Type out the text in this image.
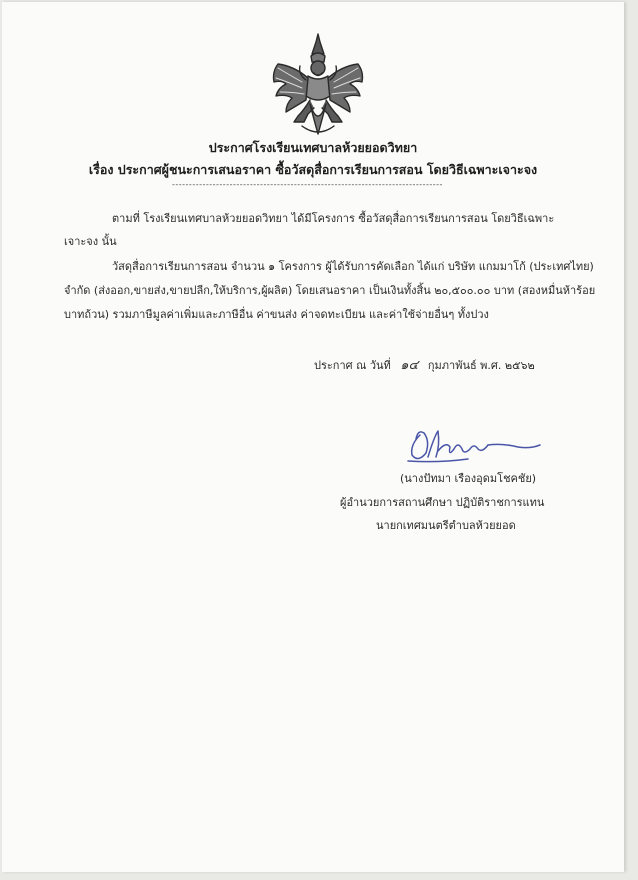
ประกาศโรงเรียนเทศบาลห้วยยอดวิทยา
เรื่อง ประกาศผู้ชนะการเสนอราคา ซื้อวัสดุสื่อการเรียนการสอน โดยวิธีเฉพาะเจาะจง
--------------------------------------------------------------------------------
ตามที่ โรงเรียนเทศบาลห้วยยอดวิทยา ได้มีโครงการ ซื้อวัสดุสื่อการเรียนการสอน โดยวิธีเฉพาะ
เจาะจง นั้น
วัสดุสื่อการเรียนการสอน จำนวน ๑ โครงการ ผู้ได้รับการคัดเลือก ได้แก่ บริษัท แกมมาโก้ (ประเทศไทย)
จำกัด (ส่งออก,ขายส่ง,ขายปลีก,ให้บริการ,ผู้ผลิต) โดยเสนอราคา เป็นเงินทั้งสิ้น ๒๐,๕๐๐.๐๐ บาท (สองหมื่นห้าร้อย
บาทถ้วน) รวมภาษีมูลค่าเพิ่มและภาษีอื่น ค่าขนส่ง ค่าจดทะเบียน และค่าใช้จ่ายอื่นๆ ทั้งปวง
ประกาศ ณ วันที่ ๑๔ กุมภาพันธ์ พ.ศ. ๒๕๖๒
(นางปัทมา เรืองอุดมโชคชัย)
ผู้อำนวยการสถานศึกษา ปฏิบัติราชการแทน
นายกเทศมนตรีตำบลห้วยยอด
